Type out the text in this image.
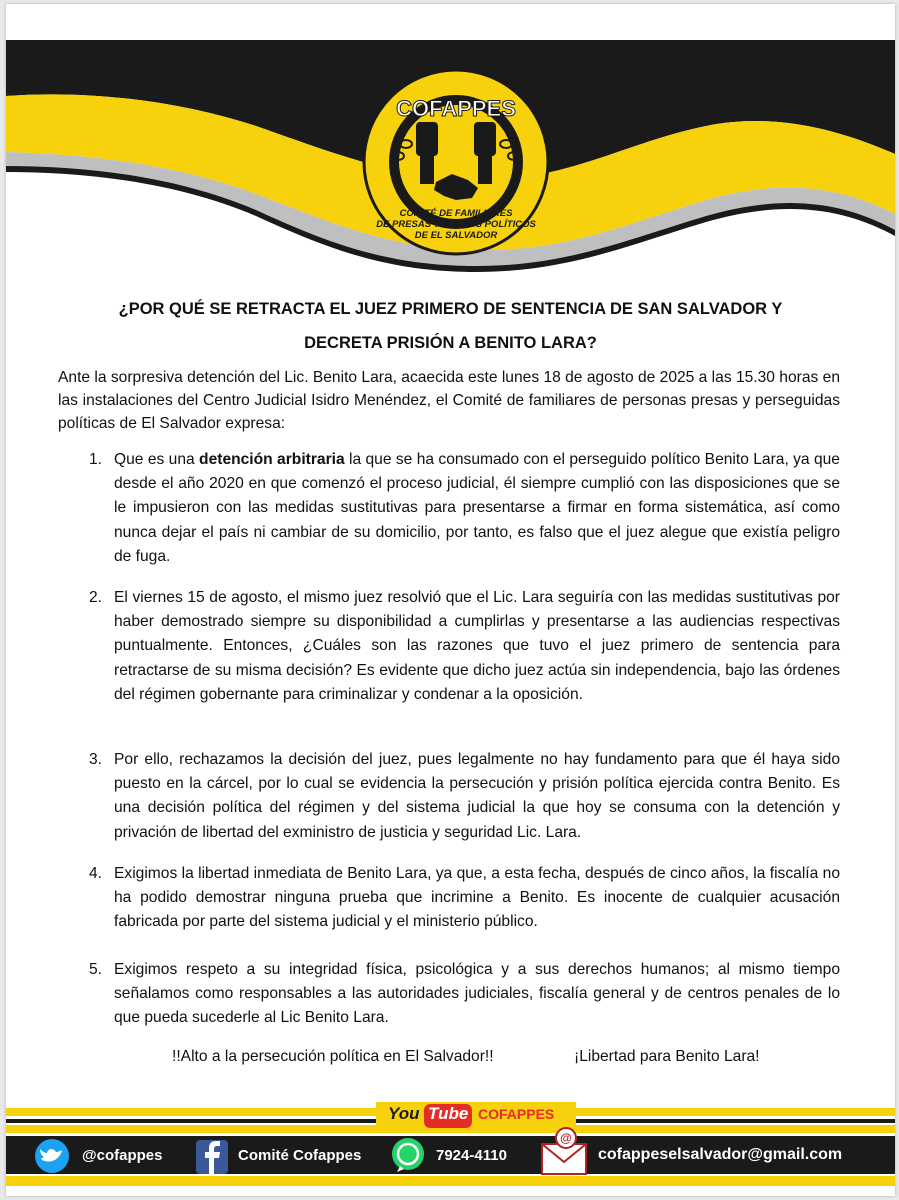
COFAPPES
COMITÉ DE FAMILIARES
DE PRESAS Y PRESOS POLÍTICOS
DE EL SALVADOR
¿POR QUÉ SE RETRACTA EL JUEZ PRIMERO DE SENTENCIA DE SAN SALVADOR Y
DECRETA PRISIÓN A BENITO LARA?
Ante la sorpresiva detención del Lic. Benito Lara, acaecida este lunes 18 de agosto de 2025 a las 15.30 horas en las instalaciones del Centro Judicial Isidro Menéndez, el Comité de familiares de personas presas y perseguidas políticas de El Salvador expresa:
1. Que es una detención arbitraria la que se ha consumado con el perseguido político Benito Lara, ya que desde el año 2020 en que comenzó el proceso judicial, él siempre cumplió con las disposiciones que se le impusieron con las medidas sustitutivas para presentarse a firmar en forma sistemática, así como nunca dejar el país ni cambiar de su domicilio, por tanto, es falso que el juez alegue que existía peligro de fuga.
2. El viernes 15 de agosto, el mismo juez resolvió que el Lic. Lara seguiría con las medidas sustitutivas por haber demostrado siempre su disponibilidad a cumplirlas y presentarse a las audiencias respectivas puntualmente. Entonces, ¿Cuáles son las razones que tuvo el juez primero de sentencia para retractarse de su misma decisión? Es evidente que dicho juez actúa sin independencia, bajo las órdenes del régimen gobernante para criminalizar y condenar a la oposición.
3. Por ello, rechazamos la decisión del juez, pues legalmente no hay fundamento para que él haya sido puesto en la cárcel, por lo cual se evidencia la persecución y prisión política ejercida contra Benito. Es una decisión política del régimen y del sistema judicial la que hoy se consuma con la detención y privación de libertad del exministro de justicia y seguridad Lic. Lara.
4. Exigimos la libertad inmediata de Benito Lara, ya que, a esta fecha, después de cinco años, la fiscalía no ha podido demostrar ninguna prueba que incrimine a Benito. Es inocente de cualquier acusación fabricada por parte del sistema judicial y el ministerio público.
5. Exigimos respeto a su integridad física, psicológica y a sus derechos humanos; al mismo tiempo señalamos como responsables a las autoridades judiciales, fiscalía general y de centros penales de lo que pueda sucederle al Lic Benito Lara.
!!Alto a la persecución política en El Salvador!!	¡Libertad para Benito Lara!
@
You Tube COFAPPES
@cofappes	Comité Cofappes	7924-4110	cofappeselsalvador@gmail.com
